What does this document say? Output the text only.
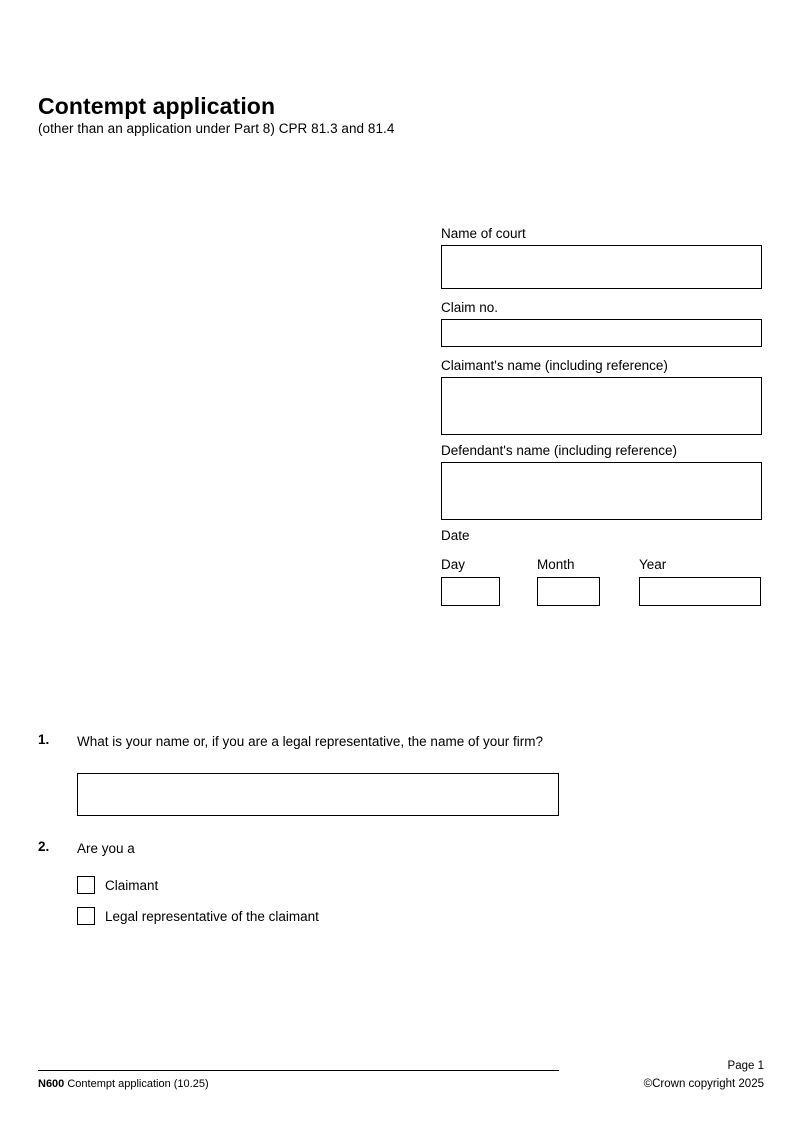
Contempt application
(other than an application under Part 8) CPR 81.3 and 81.4
Name of court
Claim no.
Claimant's name (including reference)
Defendant's name (including reference)
Date
Day	Month	Year
1. What is your name or, if you are a legal representative, the name of your firm?
2. Are you a
Claimant
Legal representative of the claimant
N600 Contempt application (10.25)
Page 1
©Crown copyright 2025
